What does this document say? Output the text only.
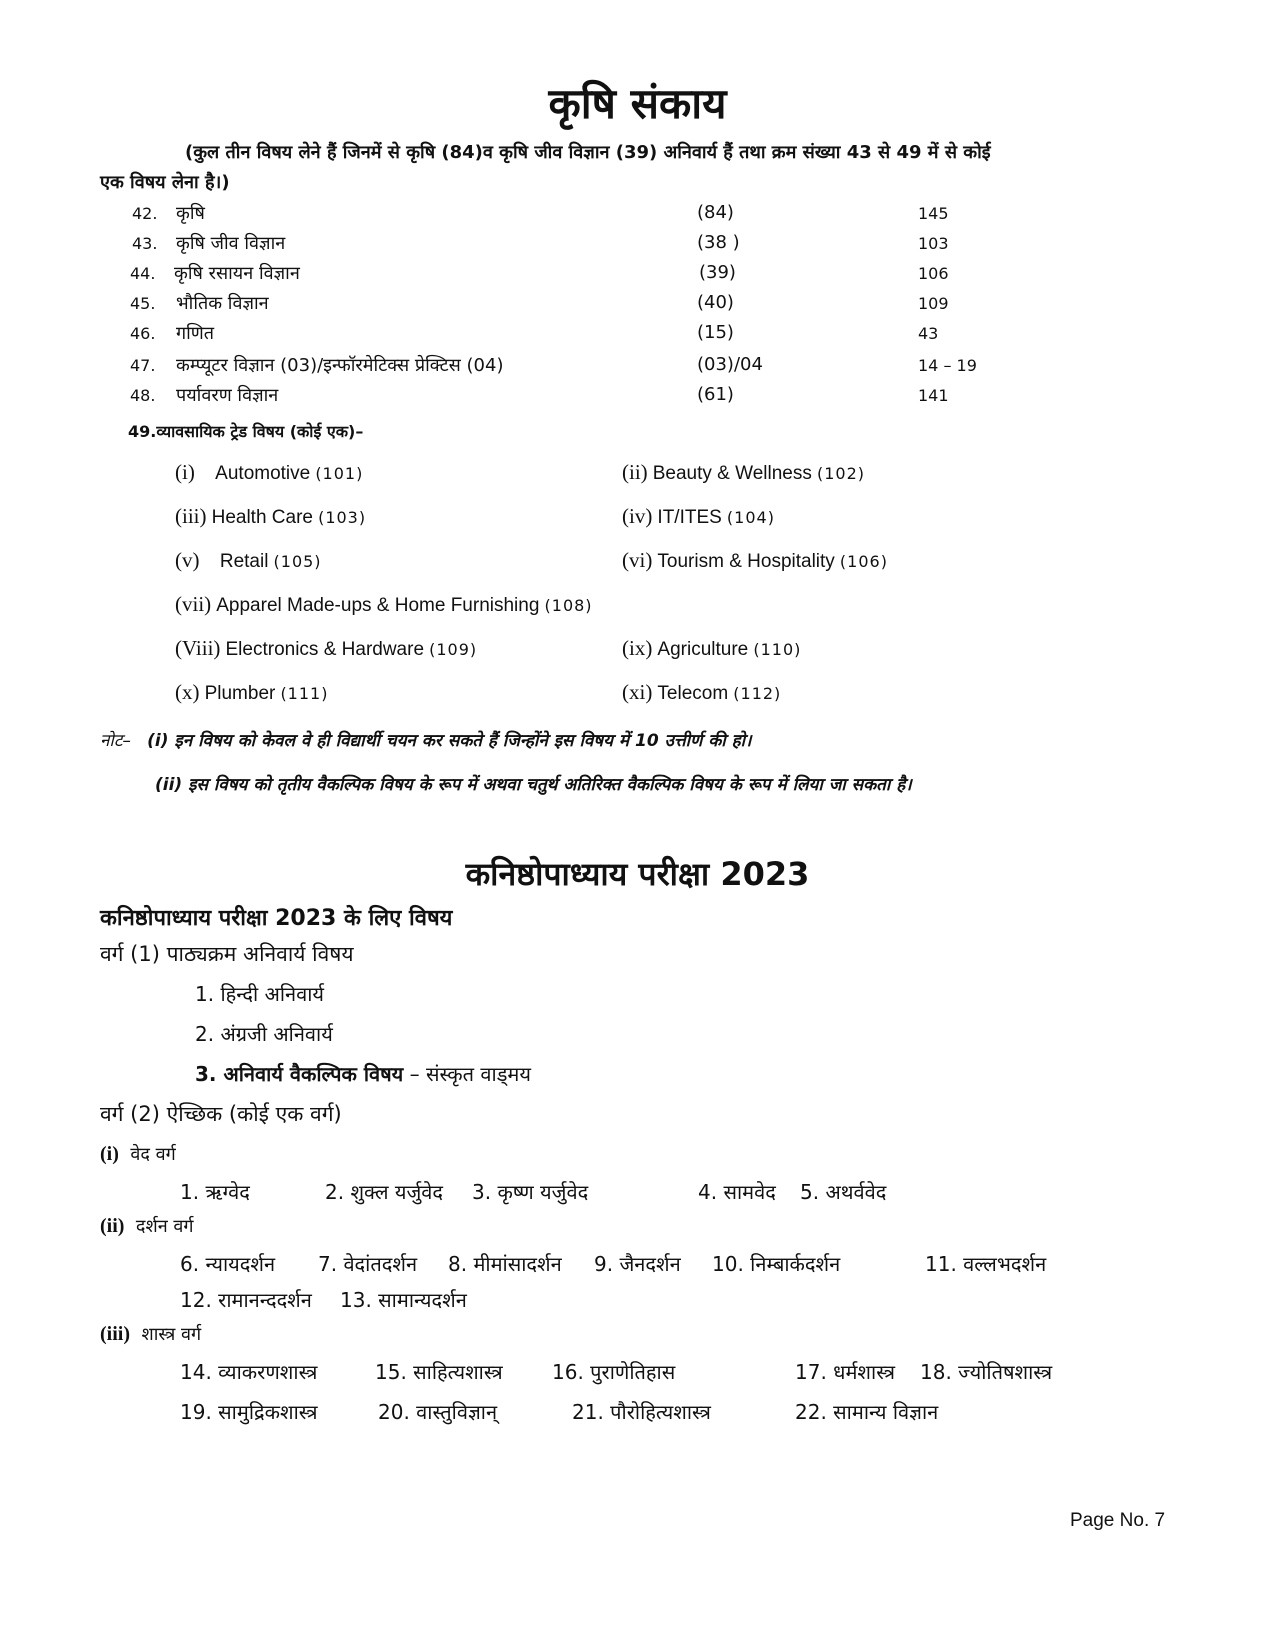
कृषि संकाय
(कुल तीन विषय लेने हैं जिनमें से कृषि (84)व कृषि जीव विज्ञान (39) अनिवार्य हैं तथा क्रम संख्या 43 से 49 में से कोई
एक विषय लेना है।)
42. कृषि	(84)	145
43. कृषि जीव विज्ञान	(38 )	103
44. कृषि रसायन विज्ञान	(39)	106
45. भौतिक विज्ञान	(40)	109
46. गणित	(15)	43
47. कम्प्यूटर विज्ञान (03)/इन्फॉरमेटिक्स प्रेक्टिस (04)	(03)/04	14 – 19
48. पर्यावरण विज्ञान	(61)	141
49.व्यावसायिक ट्रेड विषय (कोई एक)–
(i) Automotive (101)	(ii) Beauty & Wellness (102)
(iii) Health Care (103)	(iv) IT/ITES (104)
(v) Retail (105)	(vi) Tourism & Hospitality (106)
(vii) Apparel Made-ups & Home Furnishing (108)
(Viii) Electronics & Hardware (109)	(ix) Agriculture (110)
(x) Plumber (111)	(xi) Telecom (112)
नोट– (i) इन विषय को केवल वे ही विद्यार्थी चयन कर सकते हैं जिन्होंने इस विषय में 10 उत्तीर्ण की हो।
(ii) इस विषय को तृतीय वैकल्पिक विषय के रूप में अथवा चतुर्थ अतिरिक्त वैकल्पिक विषय के रूप में लिया जा सकता है।
कनिष्ठोपाध्याय परीक्षा 2023
कनिष्ठोपाध्याय परीक्षा 2023 के लिए विषय
वर्ग (1) पाठ्यक्रम अनिवार्य विषय
1. हिन्दी अनिवार्य
2. अंग्रजी अनिवार्य
3. अनिवार्य वैकल्पिक विषय – संस्कृत वाड्मय
वर्ग (2) ऐच्छिक (कोई एक वर्ग)
(i) वेद वर्ग
1. ऋग्वेद	2. शुक्ल यर्जुवेद 3. कृष्ण यर्जुवेद	4. सामवेद 5. अथर्ववेद
(ii) दर्शन वर्ग
6. न्यायदर्शन 7. वेदांतदर्शन 8. मीमांसादर्शन 9. जैनदर्शन 10. निम्बार्कदर्शन	11. वल्लभदर्शन
12. रामानन्ददर्शन 13. सामान्यदर्शन
(iii) शास्त्र वर्ग
14. व्याकरणशास्त्र	15. साहित्यशास्त्र 16. पुराणेतिहास	17. धर्मशास्त्र 18. ज्योतिषशास्त्र
19. सामुद्रिकशास्त्र	20. वास्तुविज्ञान्	21. पौरोहित्यशास्त्र	22. सामान्य विज्ञान
Page No. 7
